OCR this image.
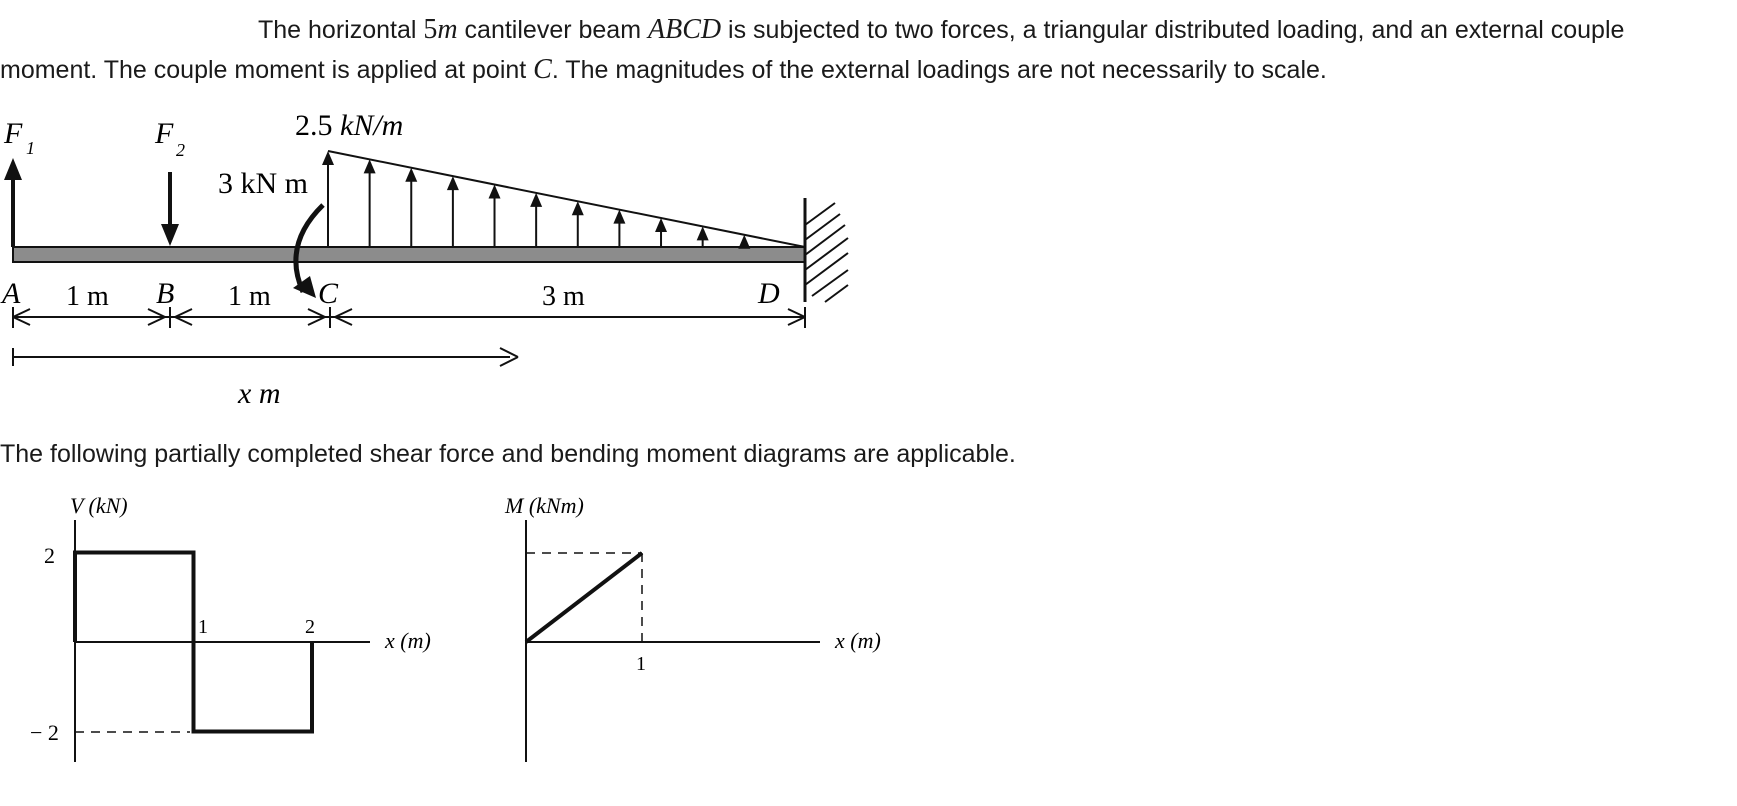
The horizontal 5m cantilever beam ABCD is subjected to two forces, a triangular distributed loading, and an external couple
moment. The couple moment is applied at point C. The magnitudes of the external loadings are not necessarily to scale.
The following partially completed shear force and bending moment diagrams are applicable.
F 1	F 2
3 kN m
2.5 kN/m
A	B	C	D
1 m	1 m	3 m
x m
V (kN)
x (m)
2
− 2
1	2
M (kNm)
x (m)
1
